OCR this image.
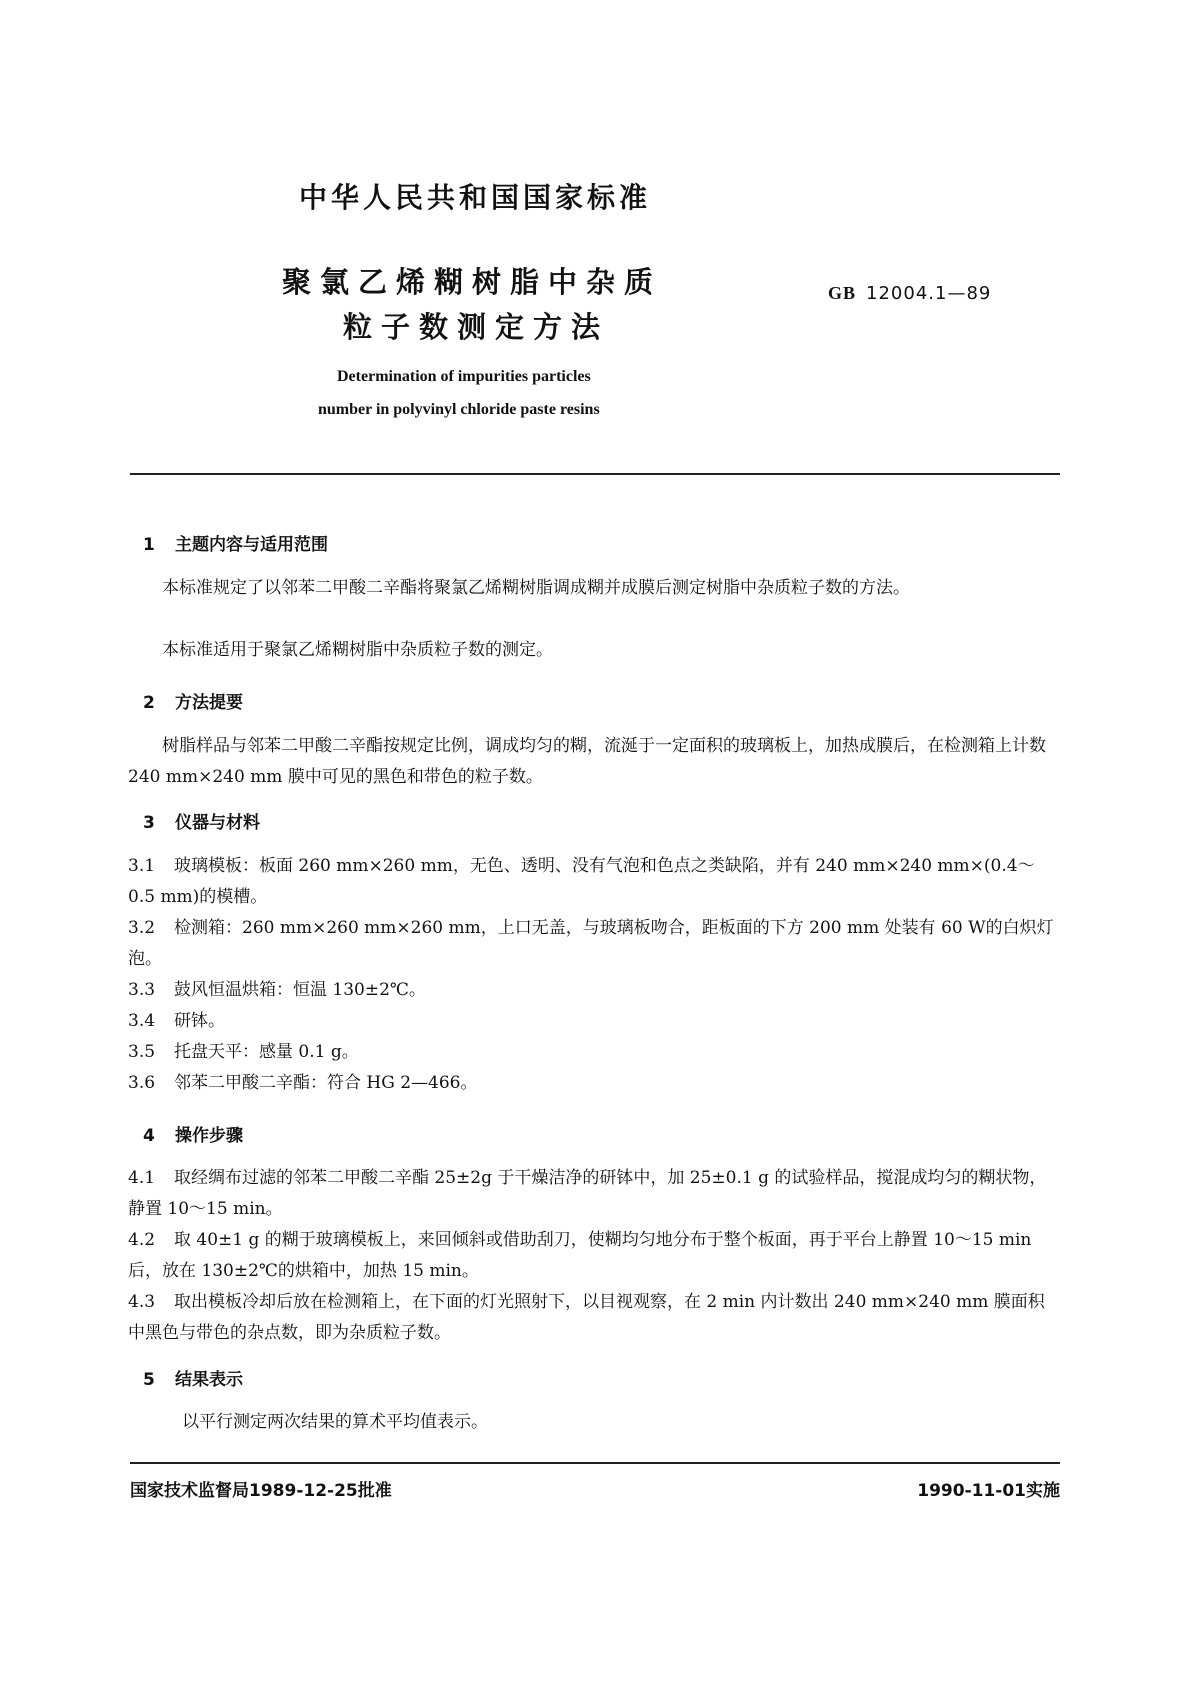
中华人民共和国国家标准
聚氯乙烯糊树脂中杂质
粒子数测定方法
GB 12004.1—89
Determination of impurities particles
number in polyvinyl chloride paste resins
1 主题内容与适用范围
本标准规定了以邻苯二甲酸二辛酯将聚氯乙烯糊树脂调成糊并成膜后测定树脂中杂质粒子数的方法。
本标准适用于聚氯乙烯糊树脂中杂质粒子数的测定。
2 方法提要
树脂样品与邻苯二甲酸二辛酯按规定比例，调成均匀的糊，流涎于一定面积的玻璃板上，加热成膜后，在检测箱上计数 240 mm×240 mm 膜中可见的黑色和带色的粒子数。
3 仪器与材料
3.1 玻璃模板：板面 260 mm×260 mm，无色、透明、没有气泡和色点之类缺陷，并有 240 mm×240 mm×(0.4～0.5 mm)的模槽。
3.2 检测箱：260 mm×260 mm×260 mm，上口无盖，与玻璃板吻合，距板面的下方 200 mm 处装有 60 W的白炽灯泡。
3.3 鼓风恒温烘箱：恒温 130±2℃。
3.4 研钵。
3.5 托盘天平：感量 0.1 g。
3.6 邻苯二甲酸二辛酯：符合 HG 2—466。
4 操作步骤
4.1 取经绸布过滤的邻苯二甲酸二辛酯 25±2g 于干燥洁净的研钵中，加 25±0.1 g 的试验样品，搅混成均匀的糊状物，静置 10～15 min。
4.2 取 40±1 g 的糊于玻璃模板上，来回倾斜或借助刮刀，使糊均匀地分布于整个板面，再于平台上静置 10～15 min 后，放在 130±2℃的烘箱中，加热 15 min。
4.3 取出模板冷却后放在检测箱上，在下面的灯光照射下，以目视观察，在 2 min 内计数出 240 mm×240 mm 膜面积中黑色与带色的杂点数，即为杂质粒子数。
5 结果表示
以平行测定两次结果的算术平均值表示。
国家技术监督局1989-12-25批准	1990-11-01实施
